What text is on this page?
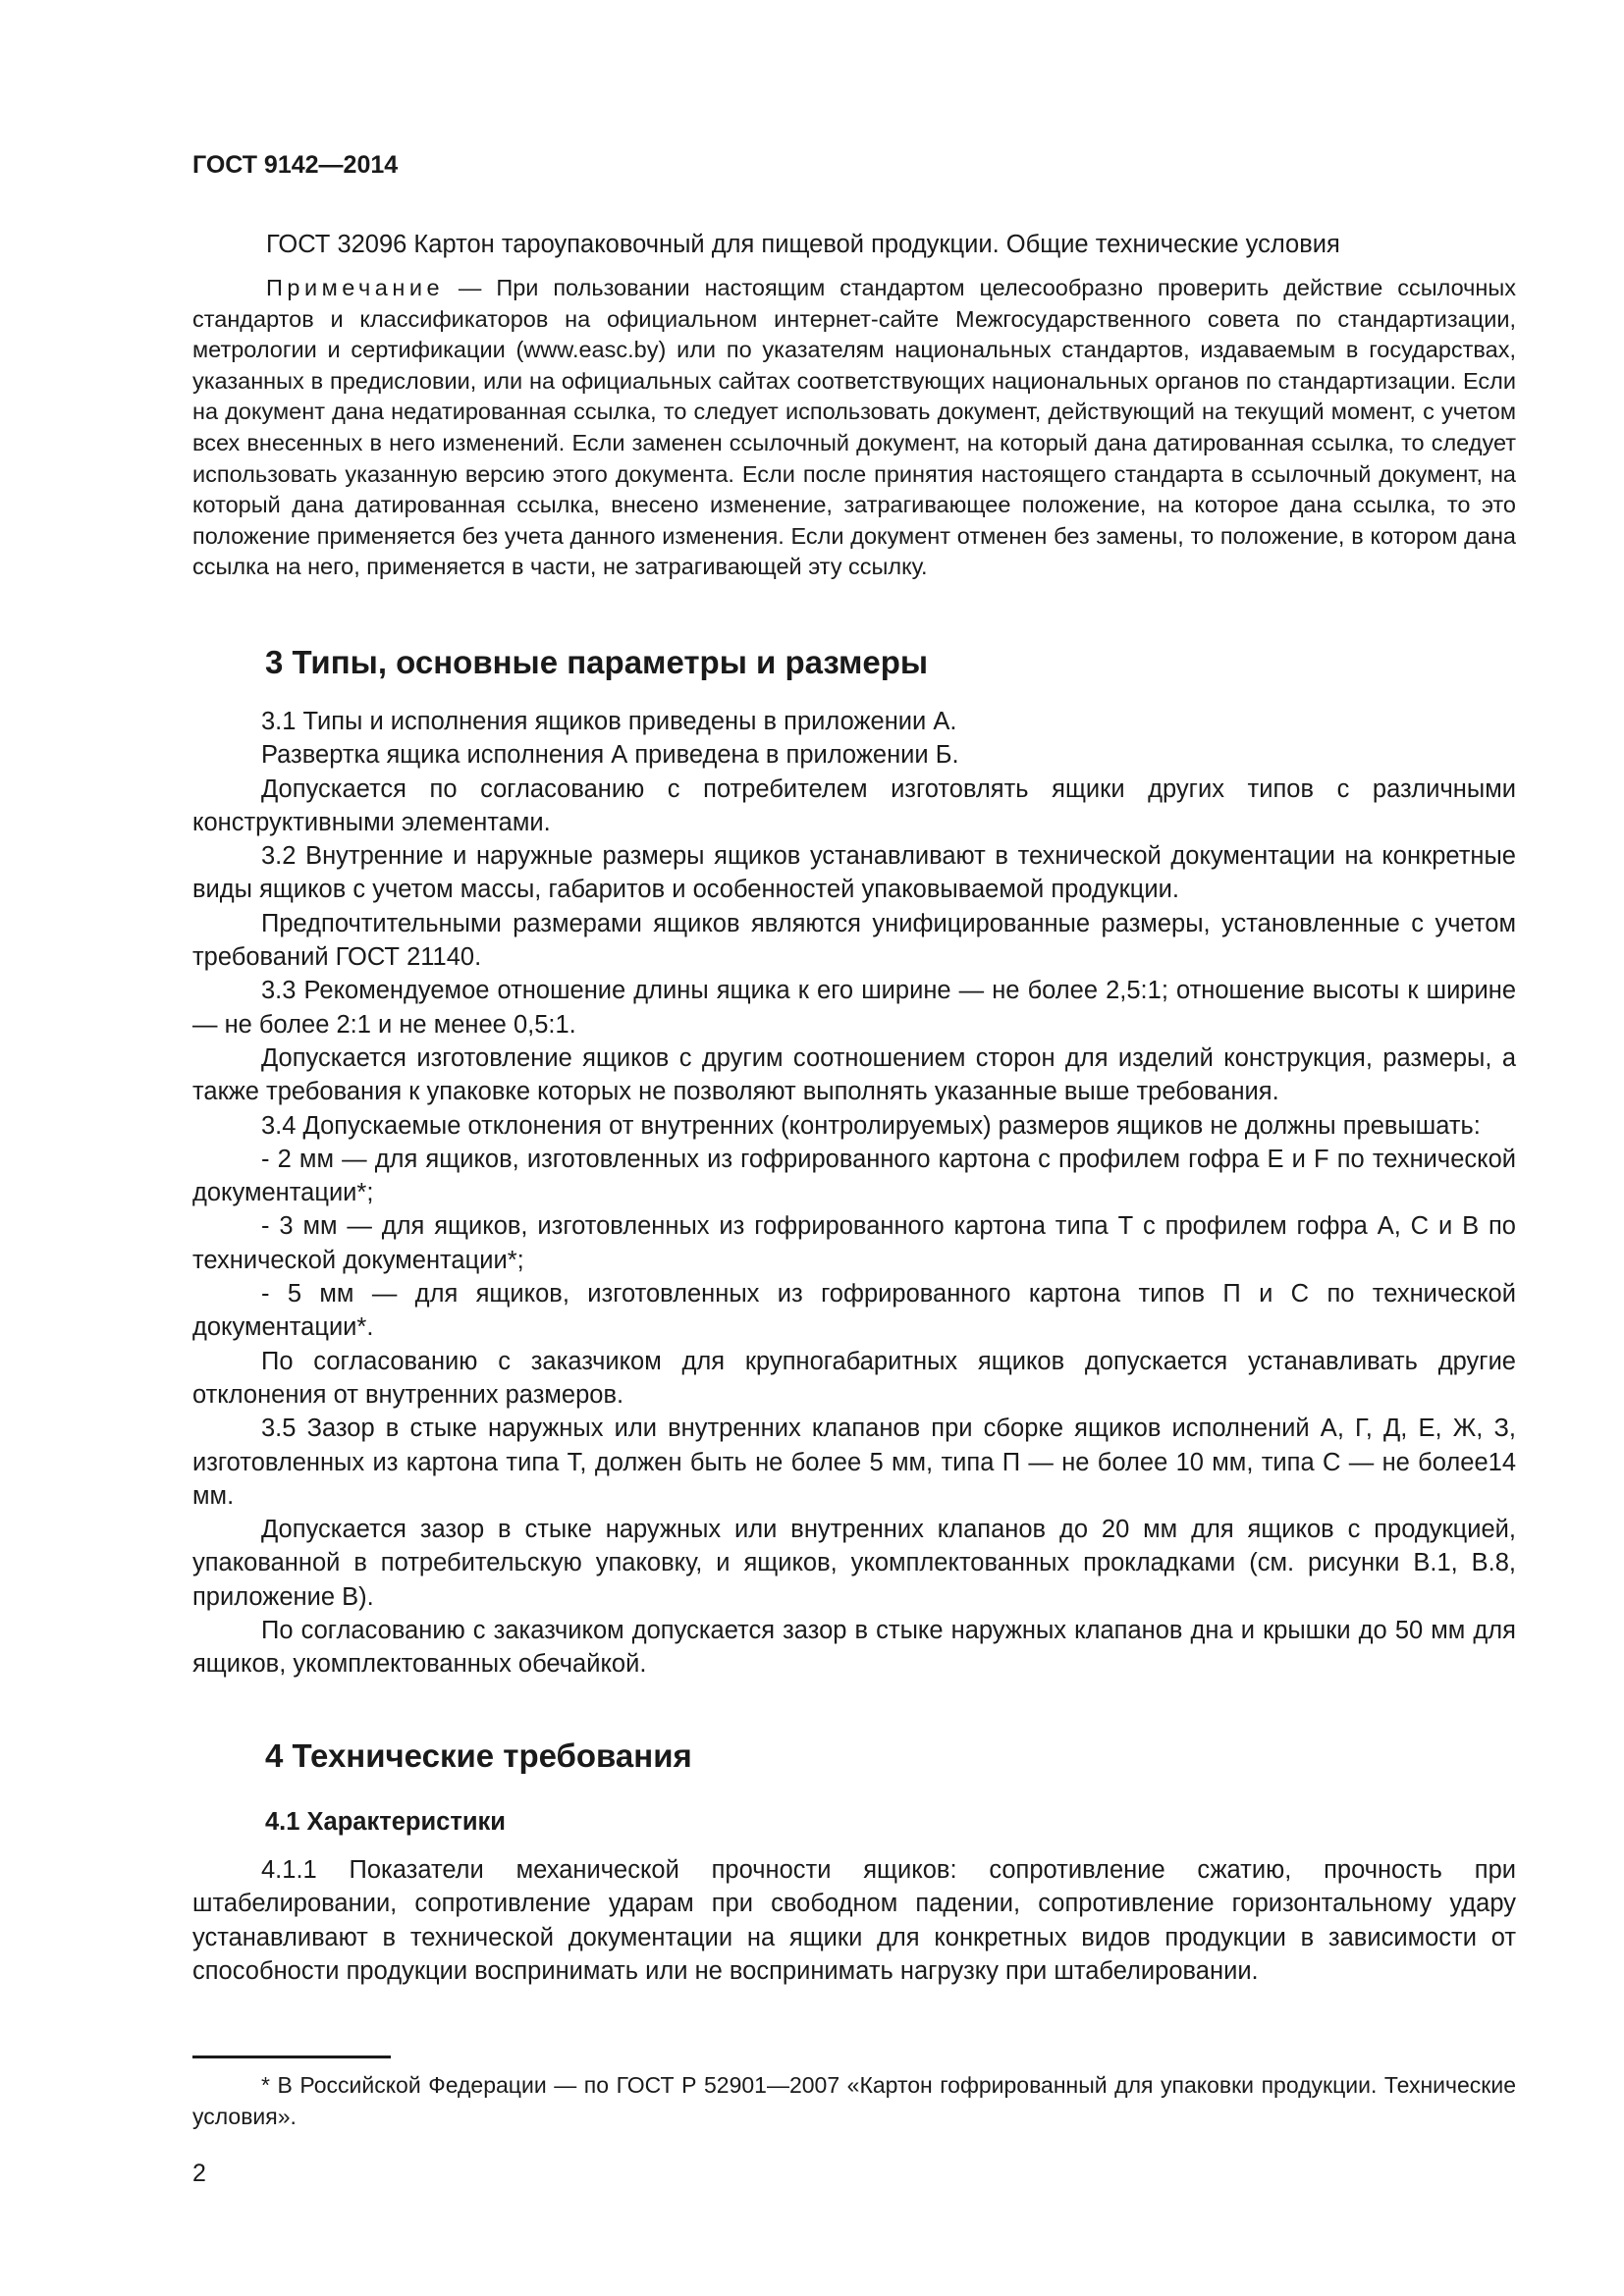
ГОСТ 9142—2014

ГОСТ 32096 Картон тароупаковочный для пищевой продукции. Общие технические условия

Примечание — При пользовании настоящим стандартом целесообразно проверить действие ссылочных стандартов и классификаторов на официальном интернет-сайте Межгосударственного совета по стандартизации, метрологии и сертификации (www.easc.by) или по указателям национальных стандартов, издаваемым в государствах, указанных в предисловии, или на официальных сайтах соответствующих национальных органов по стандартизации. Если на документ дана недатированная ссылка, то следует использовать документ, действующий на текущий момент, с учетом всех внесенных в него изменений. Если заменен ссылочный документ, на который дана датированная ссылка, то следует использовать указанную версию этого документа. Если после принятия настоящего стандарта в ссылочный документ, на который дана датированная ссылка, внесено изменение, затрагивающее положение, на которое дана ссылка, то это положение применяется без учета данного изменения. Если документ отменен без замены, то положение, в котором дана ссылка на него, применяется в части, не затрагивающей эту ссылку.

3 Типы, основные параметры и размеры

3.1 Типы и исполнения ящиков приведены в приложении А.

Развертка ящика исполнения А приведена в приложении Б.

Допускается по согласованию с потребителем изготовлять ящики других типов с различными конструктивными элементами.

3.2 Внутренние и наружные размеры ящиков устанавливают в технической документации на конкретные виды ящиков с учетом массы, габаритов и особенностей упаковываемой продукции.

Предпочтительными размерами ящиков являются унифицированные размеры, установленные с учетом требований ГОСТ 21140.

3.3 Рекомендуемое отношение длины ящика к его ширине — не более 2,5:1; отношение высоты к ширине — не более 2:1 и не менее 0,5:1.

Допускается изготовление ящиков с другим соотношением сторон для изделий конструкция, размеры, а также требования к упаковке которых не позволяют выполнять указанные выше требования.

3.4 Допускаемые отклонения от внутренних (контролируемых) размеров ящиков не должны превышать:

- 2 мм — для ящиков, изготовленных из гофрированного картона с профилем гофра Е и F по технической документации*;

- 3 мм — для ящиков, изготовленных из гофрированного картона типа Т с профилем гофра А, С и В по технической документации*;

- 5 мм — для ящиков, изготовленных из гофрированного картона типов П и С по технической документации*.

По согласованию с заказчиком для крупногабаритных ящиков допускается устанавливать другие отклонения от внутренних размеров.

3.5 Зазор в стыке наружных или внутренних клапанов при сборке ящиков исполнений А, Г, Д, Е, Ж, З, изготовленных из картона типа Т, должен быть не более 5 мм, типа П — не более 10 мм, типа С — не более14 мм.

Допускается зазор в стыке наружных или внутренних клапанов до 20 мм для ящиков с продукцией, упакованной в потребительскую упаковку, и ящиков, укомплектованных прокладками (см. рисунки В.1, В.8, приложение В).

По согласованию с заказчиком допускается зазор в стыке наружных клапанов дна и крышки до 50 мм для ящиков, укомплектованных обечайкой.

4 Технические требования
4.1 Характеристики

4.1.1 Показатели механической прочности ящиков: сопротивление сжатию, прочность при штабелировании, сопротивление ударам при свободном падении, сопротивление горизонтальному удару устанавливают в технической документации на ящики для конкретных видов продукции в зависимости от способности продукции воспринимать или не воспринимать нагрузку при штабелировании.

* В Российской Федерации — по ГОСТ Р 52901—2007 «Картон гофрированный для упаковки продукции. Технические условия».

2
